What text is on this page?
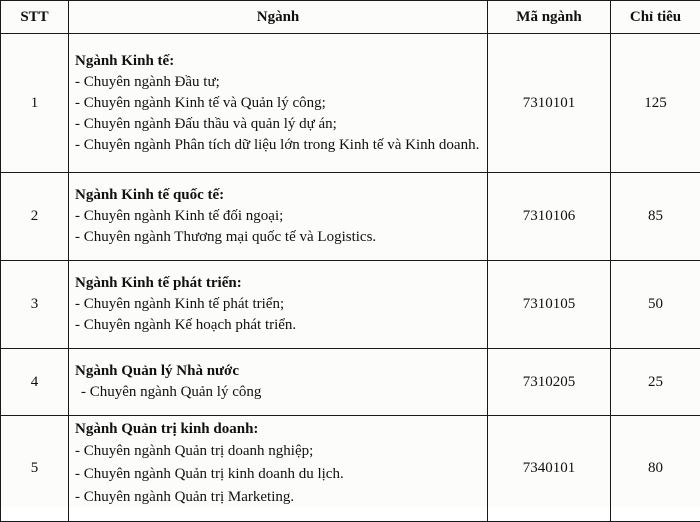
STT	Ngành	Mã ngành	Chỉ tiêu
1	Ngành Kinh tế:
- Chuyên ngành Đầu tư;
- Chuyên ngành Kinh tế và Quản lý công;
- Chuyên ngành Đấu thầu và quản lý dự án;
- Chuyên ngành Phân tích dữ liệu lớn trong Kinh tế và Kinh doanh.	7310101	125
2	Ngành Kinh tế quốc tế:
- Chuyên ngành Kinh tế đối ngoại;
- Chuyên ngành Thương mại quốc tế và Logistics.	7310106	85
3	Ngành Kinh tế phát triển:
- Chuyên ngành Kinh tế phát triển;
- Chuyên ngành Kế hoạch phát triển.	7310105	50
4	Ngành Quản lý Nhà nước
- Chuyên ngành Quản lý công	7310205	25
5	Ngành Quản trị kinh doanh:
- Chuyên ngành Quản trị doanh nghiệp;
- Chuyên ngành Quản trị kinh doanh du lịch.
- Chuyên ngành Quản trị Marketing.	7340101	80
